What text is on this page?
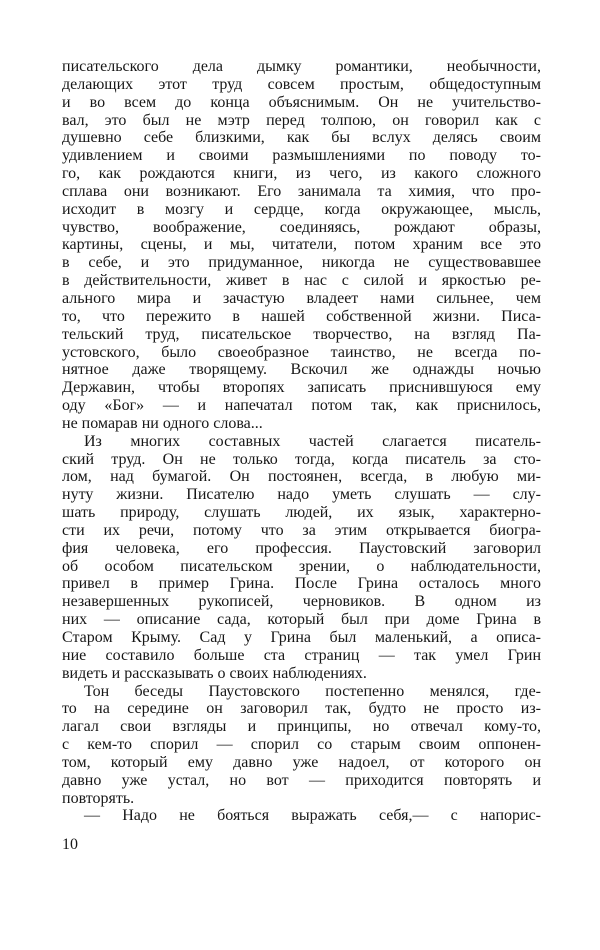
писательского дела дымку романтики, необычности,
делающих этот труд совсем простым, общедоступным
и во всем до конца объяснимым. Он не учительство-
вал, это был не мэтр перед толпою, он говорил как с
душевно себе близкими, как бы вслух делясь своим
удивлением и своими размышлениями по поводу то-
го, как рождаются книги, из чего, из какого сложного
сплава они возникают. Его занимала та химия, что про-
исходит в мозгу и сердце, когда окружающее, мысль,
чувство, воображение, соединяясь, рождают образы,
картины, сцены, и мы, читатели, потом храним все это
в себе, и это придуманное, никогда не существовавшее
в действительности, живет в нас с силой и яркостью ре-
ального мира и зачастую владеет нами сильнее, чем
то, что пережито в нашей собственной жизни. Писа-
тельский труд, писательское творчество, на взгляд Па-
устовского, было своеобразное таинство, не всегда по-
нятное даже творящему. Вскочил же однажды ночью
Державин, чтобы второпях записать приснившуюся ему
оду «Бог» — и напечатал потом так, как приснилось,
не помарав ни одного слова...
Из многих составных частей слагается писатель-
ский труд. Он не только тогда, когда писатель за сто-
лом, над бумагой. Он постоянен, всегда, в любую ми-
нуту жизни. Писателю надо уметь слушать — слу-
шать природу, слушать людей, их язык, характерно-
сти их речи, потому что за этим открывается биогра-
фия человека, его профессия. Паустовский заговорил
об особом писательском зрении, о наблюдательности,
привел в пример Грина. После Грина осталось много
незавершенных рукописей, черновиков. В одном из
них — описание сада, который был при доме Грина в
Старом Крыму. Сад у Грина был маленький, а описа-
ние составило больше ста страниц — так умел Грин
видеть и рассказывать о своих наблюдениях.
Тон беседы Паустовского постепенно менялся, где-
то на середине он заговорил так, будто не просто из-
лагал свои взгляды и принципы, но отвечал кому-то,
с кем-то спорил — спорил со старым своим оппонен-
том, который ему давно уже надоел, от которого он
давно уже устал, но вот — приходится повторять и
повторять.
— Надо не бояться выражать себя,— с напорис-
10
